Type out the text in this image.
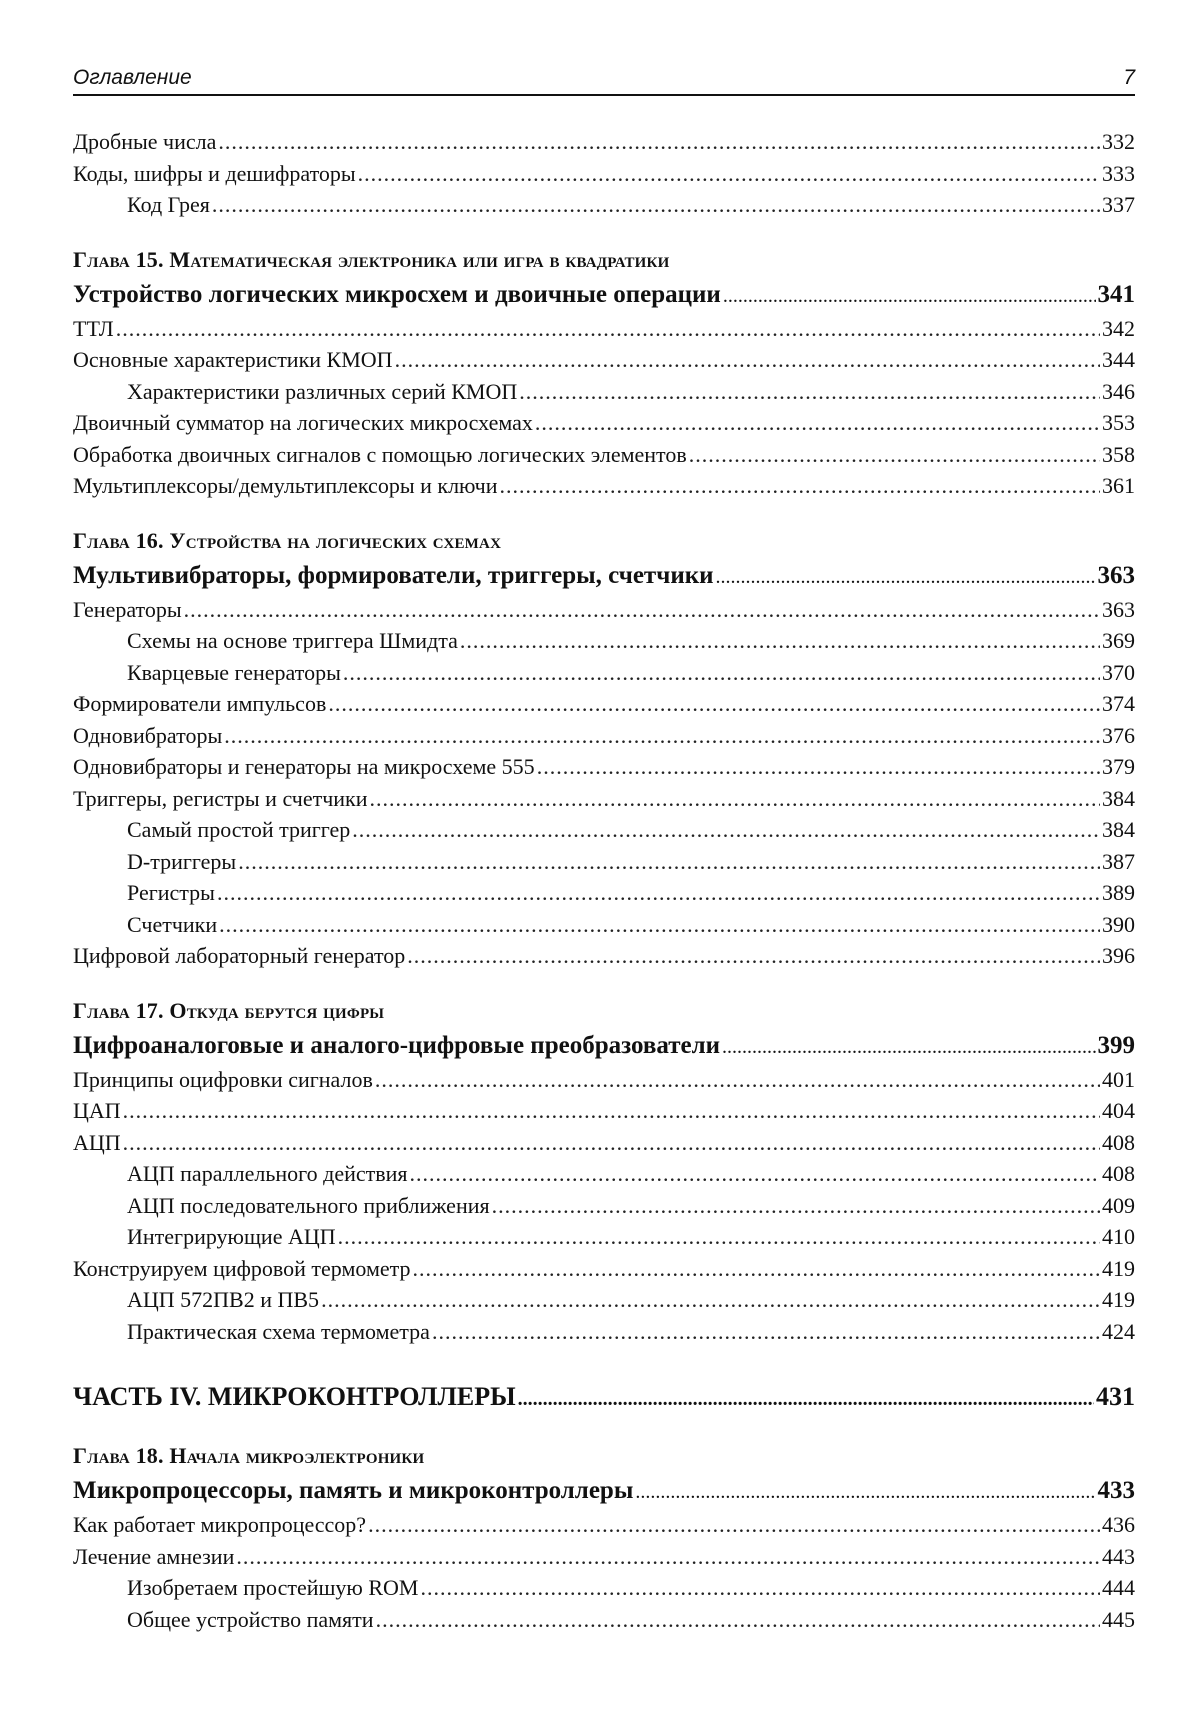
Оглавление	7
Дробные числа .....	332
Коды, шифры и дешифраторы .....	333
Код Грея .....	337
Глава 15. Математическая электроника или игра в квадратики
Устройство логических микросхем и двоичные операции .....	341
ТТЛ .....	342
Основные характеристики КМОП .....	344
Характеристики различных серий КМОП .....	346
Двоичный сумматор на логических микросхемах .....	353
Обработка двоичных сигналов с помощью логических элементов .....	358
Мультиплексоры/демультиплексоры и ключи .....	361
Глава 16. Устройства на логических схемах
Мультивибраторы, формирователи, триггеры, счетчики .....	363
Генераторы .....	363
Схемы на основе триггера Шмидта .....	369
Кварцевые генераторы .....	370
Формирователи импульсов .....	374
Одновибраторы .....	376
Одновибраторы и генераторы на микросхеме 555 .....	379
Триггеры, регистры и счетчики .....	384
Самый простой триггер .....	384
D-триггеры .....	387
Регистры .....	389
Счетчики .....	390
Цифровой лабораторный генератор .....	396
Глава 17. Откуда берутся цифры
Цифроаналоговые и аналого-цифровые преобразователи .....	399
Принципы оцифровки сигналов .....	401
ЦАП .....	404
АЦП .....	408
АЦП параллельного действия .....	408
АЦП последовательного приближения .....	409
Интегрирующие АЦП .....	410
Конструируем цифровой термометр .....	419
АЦП 572ПВ2 и ПВ5 .....	419
Практическая схема термометра .....	424
ЧАСТЬ IV. МИКРОКОНТРОЛЛЕРЫ .....	431
Глава 18. Начала микроэлектроники
Микропроцессоры, память и микроконтроллеры .....	433
Как работает микропроцессор? .....	436
Лечение амнезии .....	443
Изобретаем простейшую ROM .....	444
Общее устройство памяти .....	445
